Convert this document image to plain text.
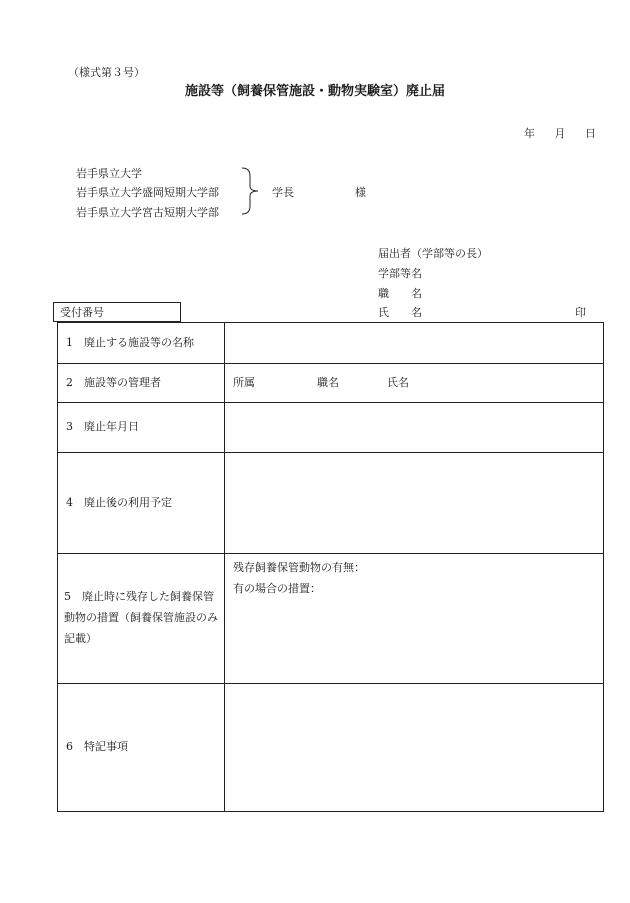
（様式第３号）
施設等（飼養保管施設・動物実験室）廃止届
年 月 日
岩手県立大学
岩手県立大学盛岡短期大学部
岩手県立大学宮古短期大学部
学長	様
届出者（学部等の長）
学部等名
職　　名
氏　　名	印
受付番号
1　廃止する施設等の名称	
2　施設等の管理者	所属 職名 氏名
3　廃止年月日	
4　廃止後の利用予定	
5　廃止時に残存した飼養保管動物の措置（飼養保管施設のみ記載）	残存飼養保管動物の有無：
有の場合の措置：

6　特記事項	
